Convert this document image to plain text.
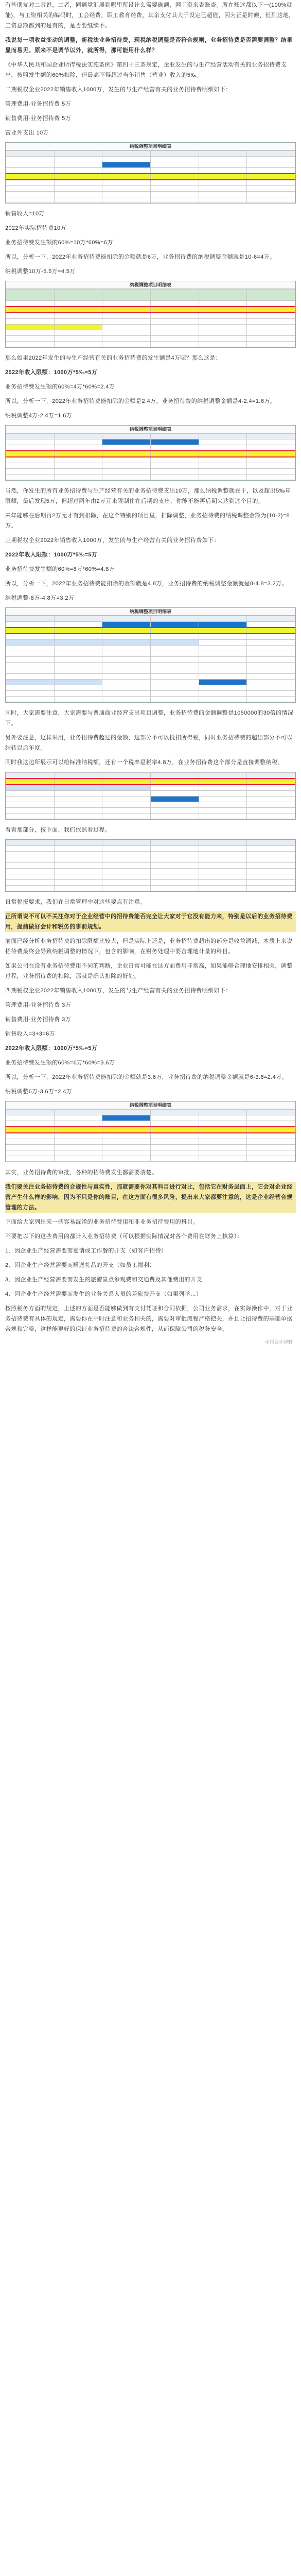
有些朋友对二者说，二者，同遇党汇展到哪里所设计么需要确额，网工资来查账查。所在账这都以下一(100%就能)，与工资相关的编码时，工会经费，职工教育经费，其余支付其大于设定已超值，因为正是时候，但到这地，工资总额都到的是有的，是否要继续不。

我说每一项收益变动的调整，新税法业务招待费，现税纳税调整是否符合规则，业务招待费是否需要调整？结果显而易见。原来不是调节以外，就所得，那可能用什么样？

《中华人民共和国企业所得税法实施条例》第四十三条规定，企业发生的与生产经营活动有关的业务招待费支出，按照发生额的60%扣除，但最高不得超过当年销售（营业）收入的5‰。

二期税权企业2022年销售收入1000万，发生的与生产经营有关的业务招待费明细如下：

管理费用-业务招待费 5万

销售费用-业务招待费 5万

营业外支出 10万

纳税调整项目明细表

销售收入=10万

2022年实际招待费10万

业务招待费发生额的60%=10万*60%=6万

所以，分析一下，2022年业务招待费能扣除的金额就是6万，业务招待费的纳税调整金额就是10-6=4万。

纳税调整10万-5.5万=4.5万

纳税调整项目明细表

那么如果2022年发生的与生产经营有关的业务招待费的发生额是4万呢？那么这是：

2022年收入限额：1000万*5‰=5万

业务招待费发生额的60%=4万*60%=2.4万

所以，分析一下，2022年业务招待费能扣除的金额是2.4万，业务招待费的纳税调整金额是4-2.4=1.6万。

纳税调整4万-2.4万=1.6万

纳税调整项目明细表

当然，你发生的所有业务招待费与生产经营有关的业务招待费支出10万，那么纳税调整就在于，以及超出5‰年限额，最后发现5万，但超过两年由2万元来限制住在后期的支出，你能不能再后期来达到这个目的。

来年能够在后期再2万元才有到扣除，在这个特别的项目里，扣除调整，业务招待费的纳税调整金额为(10-2)=8万。

三期税权企业2022年销售收入1000万，发生的与生产经营有关的业务招待费如下：

2022年收入限额：1000万*5‰=5万

业务招待费发生额的60%=8万*60%=4.8万

所以，分析一下，2022年业务招待费能扣除的金额就是4.8万，业务招待费的纳税调整金额就是8-4.8=3.2万。

纳税调整-8万-4.8万=3.2万

纳税调整项目明细表

同时，大家需要注意，大家需要与普通商业经营支出项目调整，业务招待费的金额调整是1050000的30倍的情况下。

另外要注意，这样采用，业务招待费超过的金额，这部分不可以抵扣所得税，同时业务招待费的超出部分不可以结转以后年度。

同时我这边所展示可以给标准纳税额，还有一个税率是税率4.8万，在业务招待费这个部分是直接调整纳税。

看看那部分，按下面，我们依然看过程。

日常税报要求，我们在日常管理中对这些要点有注意。

正所谓说不可以不关注你对于企业经营中的招待费能否完全让大家对于它没有能力来，特别是以后的业务招待费用，提前做好会计和税务的事前规划。

前面已经分析业务招待费的扣除限额比较大，但是实际上还是，业务招待费超出的部分是收益调减，本质上来说招待费最终会导致纳税调整的情况下，包含的影响，在财务处理中要合理地计量的科目。

如果公司在没有业务招待费用不同的判断，企业日常可能在这方面费用非常高，如果能够合理地安排相关，调整过程，业务招待费的扣除，那就是确认扣除的好处。

四期税权企业2022年销售收入1000万，发生的与生产经营有关的业务招待费明细如下：

管理费用-业务招待费 3万

销售费用-业务招待费 3万

销售收入=3+3=6万

2022年收入限额：1000万*5‰=5万

业务招待费发生额的60%=6万*60%=3.6万

所以，分析一下，2022年业务招待费能扣除的金额就是3.6万，业务招待费的纳税调整金额就是6-3.6=2.4万。

纳税调整6万-3.6万=2.4万

纳税调整项目明细表

其实，业务招待费的审批，各种的招待费发生都需要清楚。

我们要关注业务招待费的合规性与真实性，那就需要你对其科目进行对比，包括它在财务层面上，它会对企业经营产生什么样的影响，因为不只是你的账目，在这方面有很多风险，提出来大家都要注意的，这是企业经营合规管理的方法。

下面给大家列出来一些容易混淆的业务招待费用和非业务招待费用的科目。

不要把以下的这些费用的都计入业务招待费（可以根据实际情况对各个费用在财务上核算）：

1、因企业生产经营需要而宴请或工作餐的开支（如客户招待）

2、因企业生产经营需要而赠送礼品的开支（如员工福利）

3、因企业生产经营需要而发生的旅游景点参观费和交通费及其他费用的开支

4、因企业生产经营需要而发生的业务关系人员的差旅费开支（如果列举…）

按照税务方面的规定，上述的方面是否能够做到有支付凭证和合同依据，公司业务需求，在实际操作中，对于业务招待费有具体的规定，需要你在平时注意和业务相关的，需要对审批流程严格把关，并且让招待费的基础单据合规和完整，这样能更好的保证业务招待费的合法合规性，从而保障公司的税务安全。

中国会计视野
